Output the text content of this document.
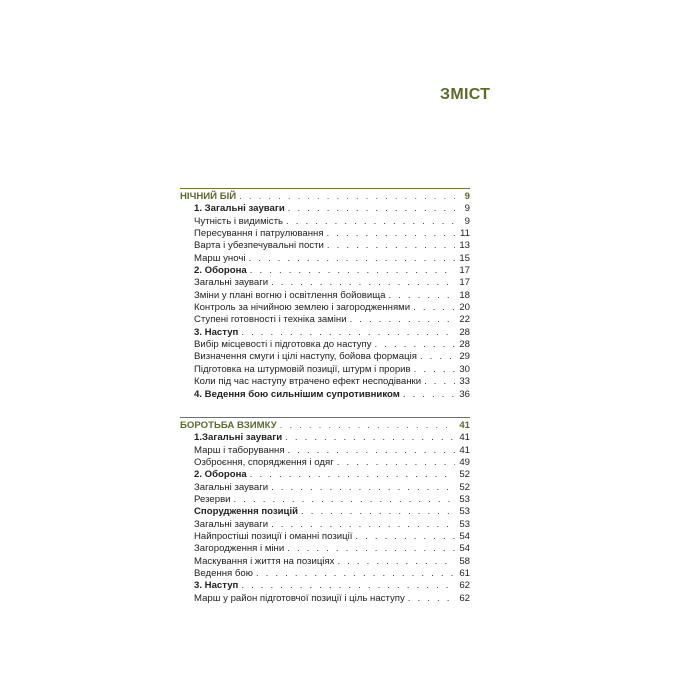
ЗМІСТ
НІЧНИЙ БІЙ . . .	9
1. Загальні зауваги . . .	9
Чутність і видимість . . .	9
Пересування і патрулювання . . .	11
Варта і убезпечувальні пости . . .	13
Марш уночі . . .	15
2. Оборона . . .	17
Загальні зауваги . . .	17
Зміни у плані вогню і освітлення бойовища . . .	18
Контроль за нічийною землею і загородженнями . . .	20
Ступені готовності і техніка заміни . . .	22
3. Наступ . . .	28
Вибір місцевості і підготовка до наступу . . .	28
Визначення смуги і цілі наступу, бойова формація . . .	29
Підготовка на штурмовій позиції, штурм і прорив . . .	30
Коли під час наступу втрачено ефект несподіванки . . .	33
4. Ведення бою сильнішим супротивником . . .	36
БОРОТЬБА ВЗИМКУ . . .	41
1.Загальні зауваги . . .	41
Марш і таборування . . .	41
Озброєння, спорядження і одяг . . .	49
2. Оборона . . .	52
Загальні зауваги . . .	52
Резерви . . .	53
Спорудження позицій . . .	53
Загальні зауваги . . .	53
Найпростіші позиції і оманні позиції . . .	54
Загородження і міни . . .	54
Маскування і життя на позиціях . . .	58
Ведення бою . . .	61
3. Наступ . . .	62
Марш у район підготовчої позиції і ціль наступу . . .	62
